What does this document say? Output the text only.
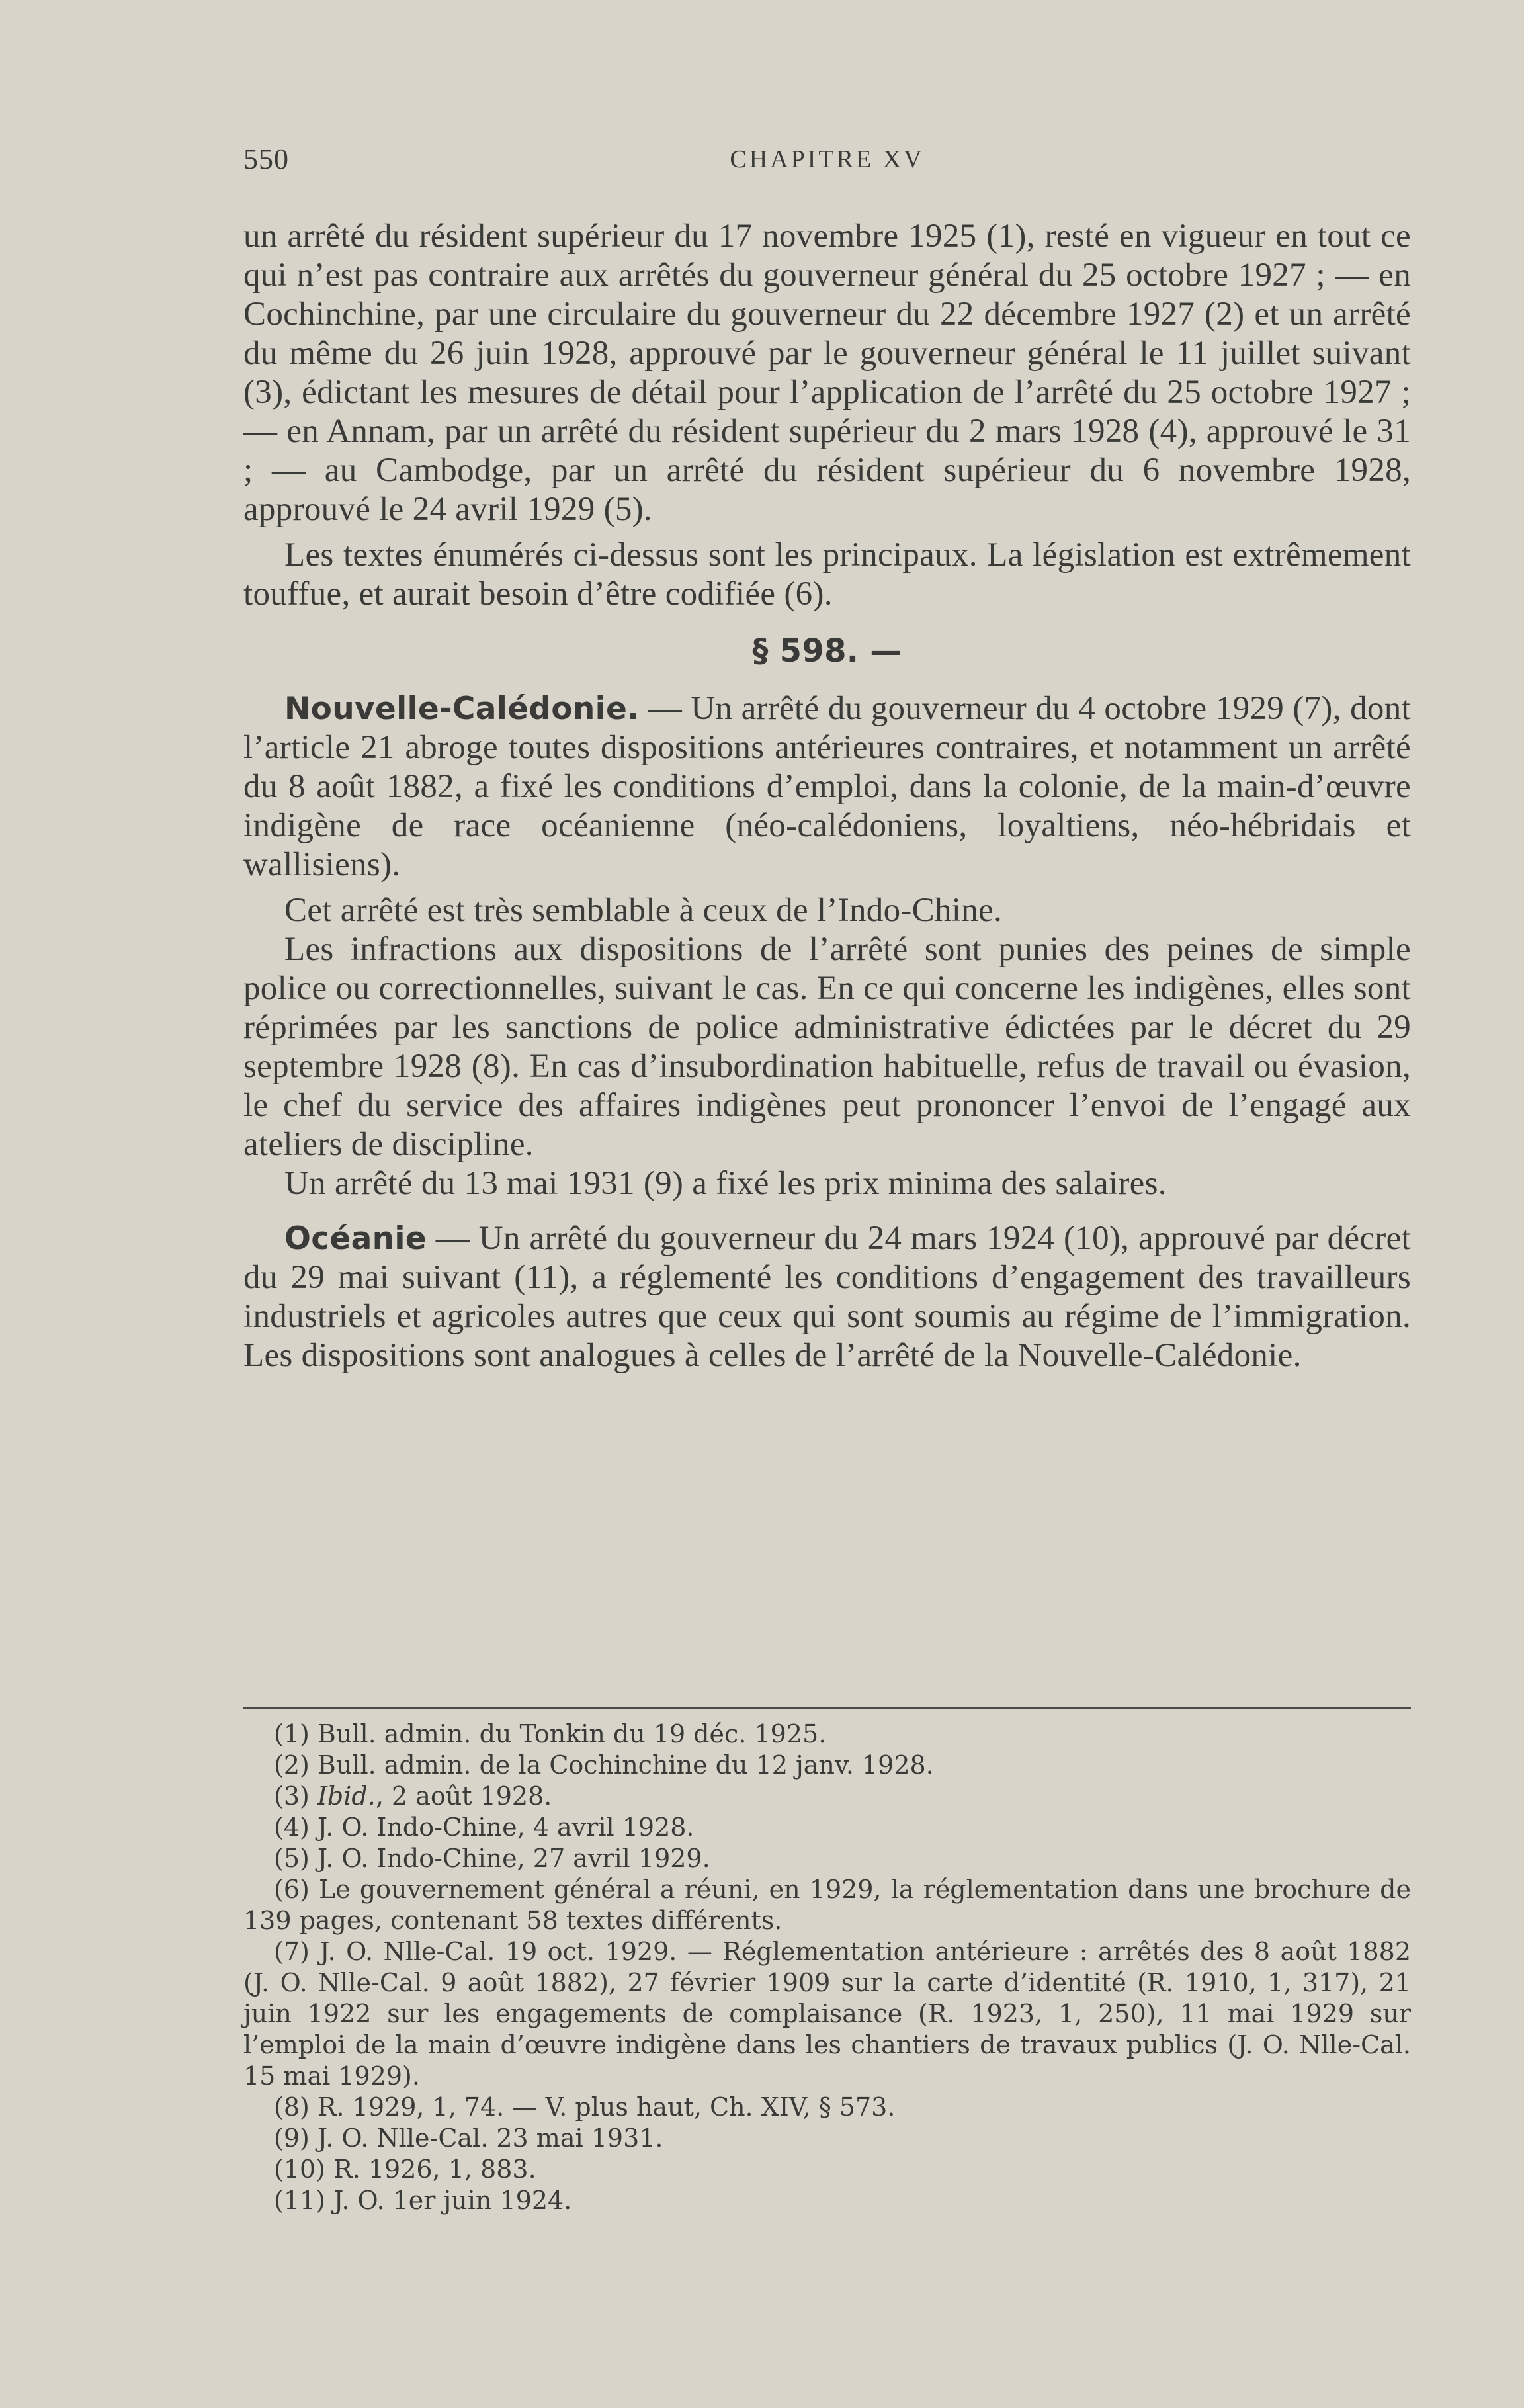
550	CHAPITRE XV

un arrêté du résident supérieur du 17 novembre 1925 (1), resté en vigueur en tout ce qui n’est pas contraire aux arrêtés du gouverneur général du 25 octobre 1927 ; — en Cochinchine, par une circulaire du gouverneur du 22 décembre 1927 (2) et un arrêté du même du 26 juin 1928, approuvé par le gouverneur général le 11 juillet suivant (3), édictant les mesures de détail pour l’application de l’arrêté du 25 octobre 1927 ; — en Annam, par un arrêté du résident supérieur du 2 mars 1928 (4), approuvé le 31 ; — au Cambodge, par un arrêté du résident supérieur du 6 novembre 1928, approuvé le 24 avril 1929 (5).

Les textes énumérés ci-dessus sont les principaux. La législation est extrêmement touffue, et aurait besoin d’être codifiée (6).

§ 598. —

Nouvelle-Calédonie. — Un arrêté du gouverneur du 4 octobre 1929 (7), dont l’article 21 abroge toutes dispositions antérieures contraires, et notamment un arrêté du 8 août 1882, a fixé les conditions d’emploi, dans la colonie, de la main-d’œuvre indigène de race océanienne (néo-calédoniens, loyaltiens, néo-hébridais et wallisiens).

Cet arrêté est très semblable à ceux de l’Indo-Chine.

Les infractions aux dispositions de l’arrêté sont punies des peines de simple police ou correctionnelles, suivant le cas. En ce qui concerne les indigènes, elles sont réprimées par les sanctions de police administrative édictées par le décret du 29 septembre 1928 (8). En cas d’insubordination habituelle, refus de travail ou évasion, le chef du service des affaires indigènes peut prononcer l’envoi de l’engagé aux ateliers de discipline.

Un arrêté du 13 mai 1931 (9) a fixé les prix minima des salaires.

Océanie — Un arrêté du gouverneur du 24 mars 1924 (10), approuvé par décret du 29 mai suivant (11), a réglementé les conditions d’engagement des travailleurs industriels et agricoles autres que ceux qui sont soumis au régime de l’immigration. Les dispositions sont analogues à celles de l’arrêté de la Nouvelle-Calédonie.

(1) Bull. admin. du Tonkin du 19 déc. 1925.

(2) Bull. admin. de la Cochinchine du 12 janv. 1928.

(3) Ibid., 2 août 1928.

(4) J. O. Indo-Chine, 4 avril 1928.

(5) J. O. Indo-Chine, 27 avril 1929.

(6) Le gouvernement général a réuni, en 1929, la réglementation dans une brochure de 139 pages, contenant 58 textes différents.

(7) J. O. Nlle-Cal. 19 oct. 1929. — Réglementation antérieure : arrêtés des 8 août 1882 (J. O. Nlle-Cal. 9 août 1882), 27 février 1909 sur la carte d’identité (R. 1910, 1, 317), 21 juin 1922 sur les engagements de complaisance (R. 1923, 1, 250), 11 mai 1929 sur l’emploi de la main d’œuvre indigène dans les chantiers de travaux publics (J. O. Nlle-Cal. 15 mai 1929).

(8) R. 1929, 1, 74. — V. plus haut, Ch. XIV, § 573.

(9) J. O. Nlle-Cal. 23 mai 1931.

(10) R. 1926, 1, 883.

(11) J. O. 1er juin 1924.
